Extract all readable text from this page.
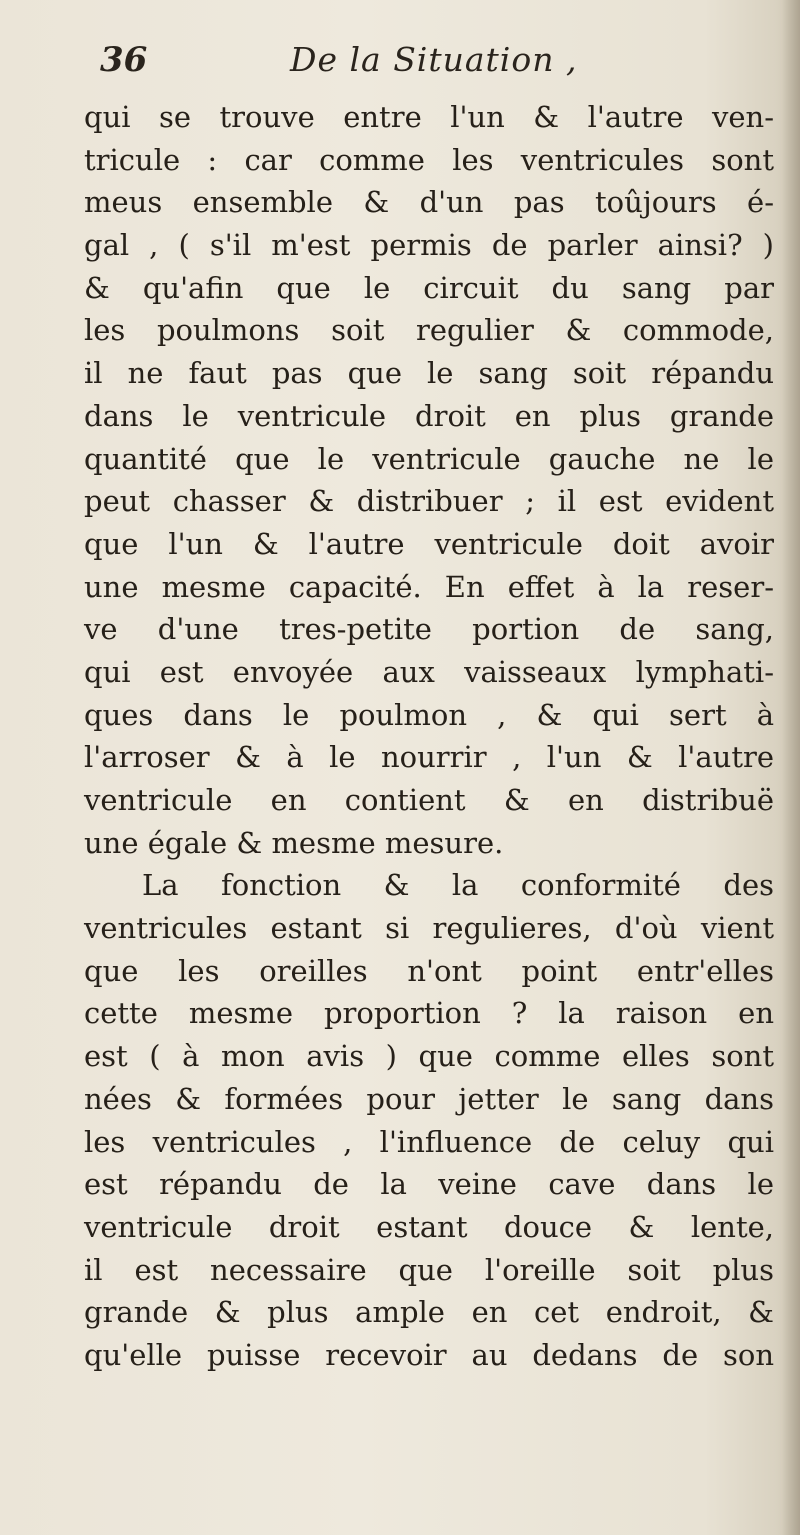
36	De la Situation ,
qui se trouve entre l'un & l'autre ven-
tricule : car comme les ventricules sont
meus ensemble & d'un pas toûjours é-
gal , ( s'il m'est permis de parler ainsi? )
& qu'afin que le circuit du sang par
les poulmons soit regulier & commode,
il ne faut pas que le sang soit répandu
dans le ventricule droit en plus grande
quantité que le ventricule gauche ne le
peut chasser & distribuer ; il est evident
que l'un & l'autre ventricule doit avoir
une mesme capacité. En effet à la reser-
ve d'une tres-petite portion de sang,
qui est envoyée aux vaisseaux lymphati-
ques dans le poulmon , & qui sert à
l'arroser & à le nourrir , l'un & l'autre
ventricule en contient & en distribuë
une égale & mesme mesure.
La fonction & la conformité des
ventricules estant si regulieres, d'où vient
que les oreilles n'ont point entr'elles
cette mesme proportion ? la raison en
est ( à mon avis ) que comme elles sont
nées & formées pour jetter le sang dans
les ventricules , l'influence de celuy qui
est répandu de la veine cave dans le
ventricule droit estant douce & lente,
il est necessaire que l'oreille soit plus
grande & plus ample en cet endroit, &
qu'elle puisse recevoir au dedans de son
